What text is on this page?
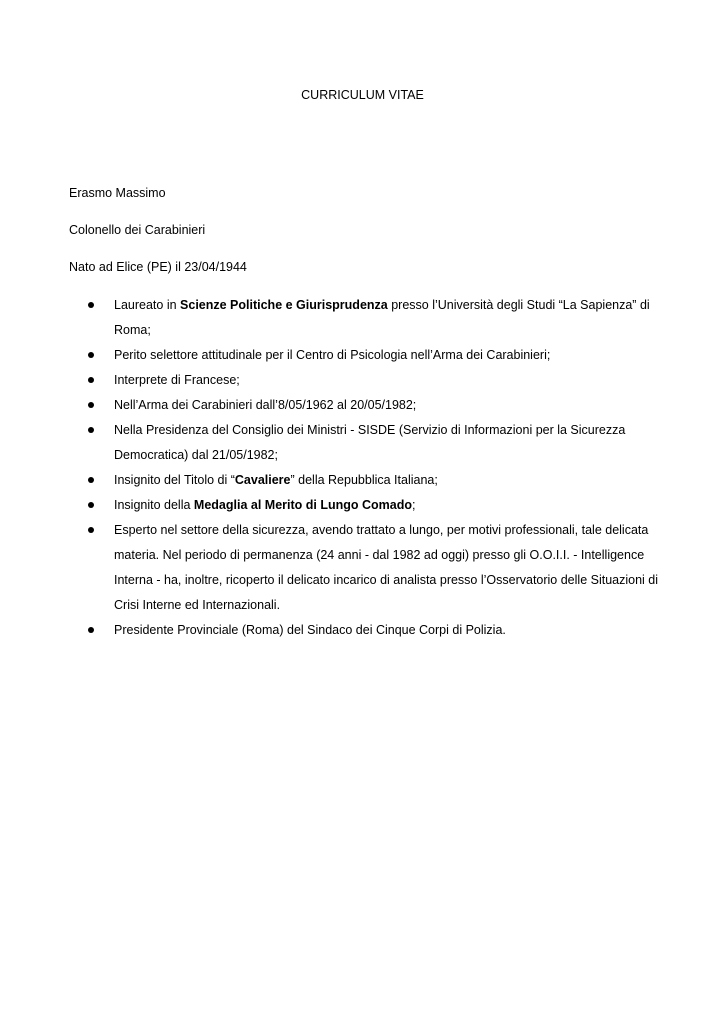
CURRICULUM VITAE
Erasmo Massimo
Colonello dei Carabinieri
Nato ad Elice (PE) il 23/04/1944
Laureato in Scienze Politiche e Giurisprudenza presso l’Università degli Studi “La Sapienza” di Roma;
Perito selettore attitudinale per il Centro di Psicologia nell’Arma dei Carabinieri;
Interprete di Francese;
Nell’Arma dei Carabinieri dall’8/05/1962 al 20/05/1982;
Nella Presidenza del Consiglio dei Ministri - SISDE (Servizio di Informazioni per la Sicurezza Democratica) dal 21/05/1982;
Insignito del Titolo di “Cavaliere” della Repubblica Italiana;
Insignito della Medaglia al Merito di Lungo Comado;
Esperto nel settore della sicurezza, avendo trattato a lungo, per motivi professionali, tale delicata materia. Nel periodo di permanenza (24 anni - dal 1982 ad oggi) presso gli O.O.I.I. - Intelligence Interna - ha, inoltre, ricoperto il delicato incarico di analista presso l’Osservatorio delle Situazioni di Crisi Interne ed Internazionali.
Presidente Provinciale (Roma) del Sindaco dei Cinque Corpi di Polizia.
